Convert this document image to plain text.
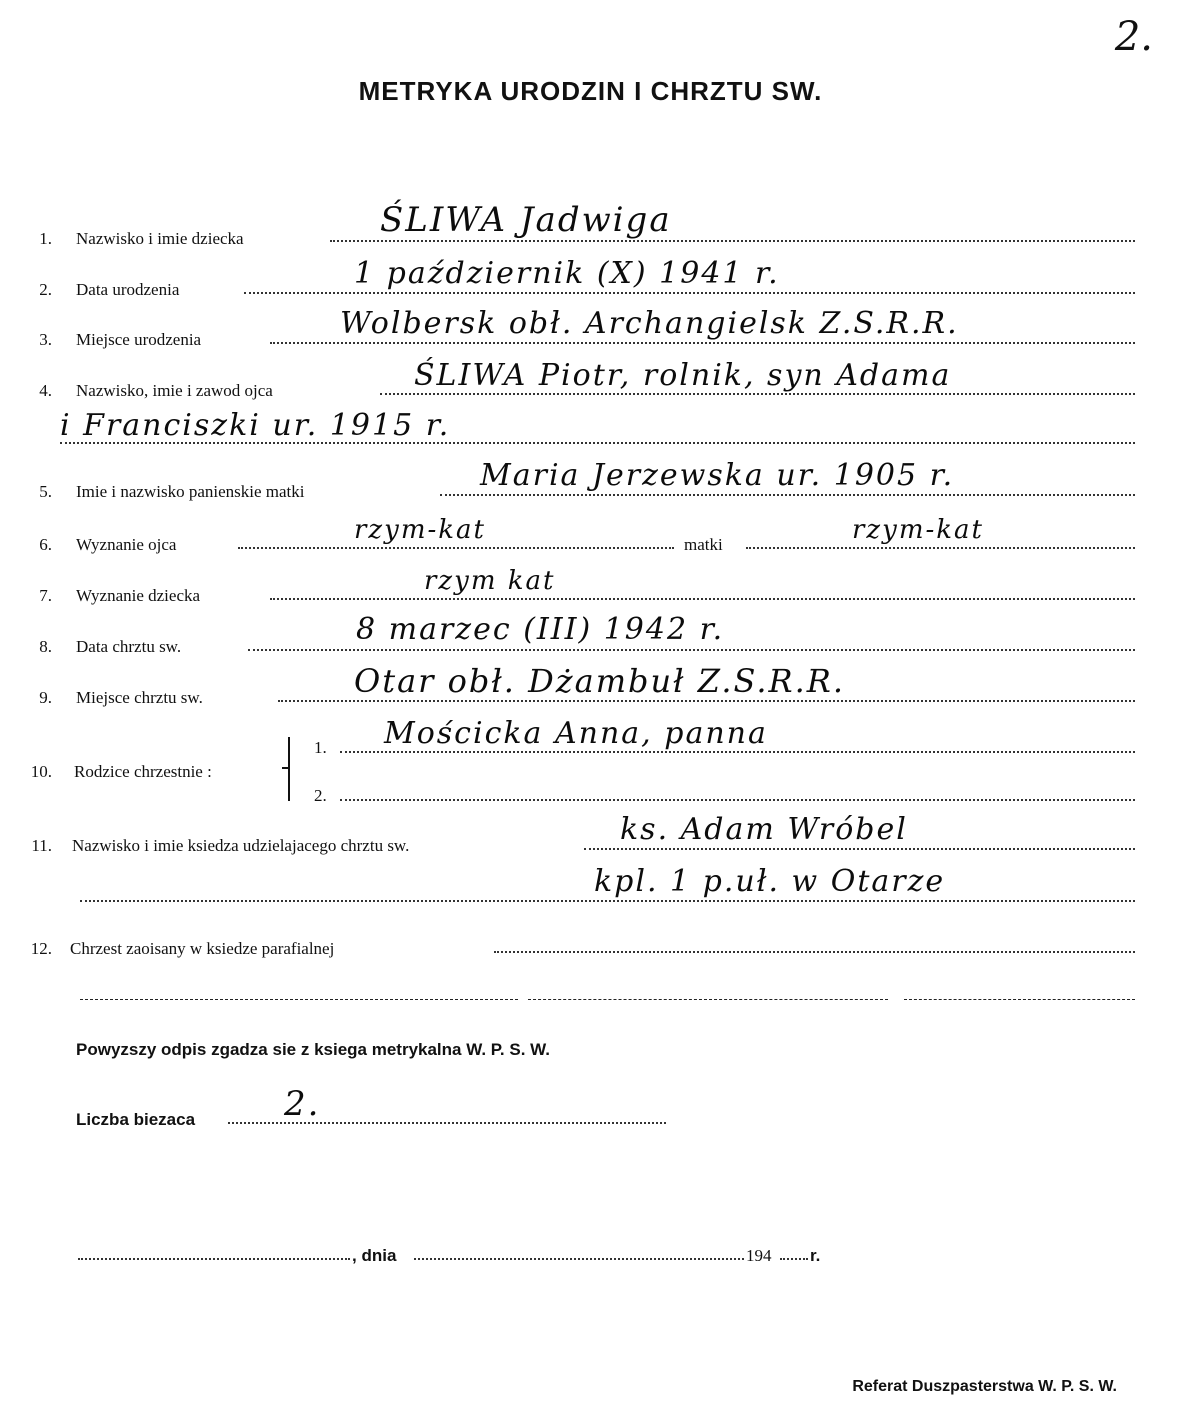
2.
METRYKA URODZIN I CHRZTU SW.
1. Nazwisko i imie dziecka	ŚLIWA Jadwiga
2. Data urodzenia	1 październik (X) 1941 r.
3. Miejsce urodzenia	Wolbersk obł. Archangielsk Z.S.R.R.
4. Nazwisko, imie i zawod ojca	ŚLIWA Piotr, rolnik, syn Adama
i Franciszki ur. 1915 r.
5. Imie i nazwisko panienskie matki	Maria Jerzewska ur. 1905 r.
6. Wyznanie ojca	rzym-kat	matki	rzym-kat
7. Wyznanie dziecka	rzym kat
8. Data chrztu sw.	8 marzec (III) 1942 r.
9. Miejsce chrztu sw.	Otar obł. Dżambuł Z.S.R.R.
10. Rodzice chrzestnie :
1. Mościcka Anna, panna
2.
11. Nazwisko i imie ksiedza udzielajacego chrztu sw.	ks. Adam Wróbel
kpl. 1 p.uł. w Otarze
12. Chrzest zaoisany w ksiedze parafialnej
Powyzszy odpis zgadza sie z ksiega metrykalna W. P. S. W.
Liczba biezaca	2.
, dnia	194 r.
Referat Duszpasterstwa W. P. S. W.
